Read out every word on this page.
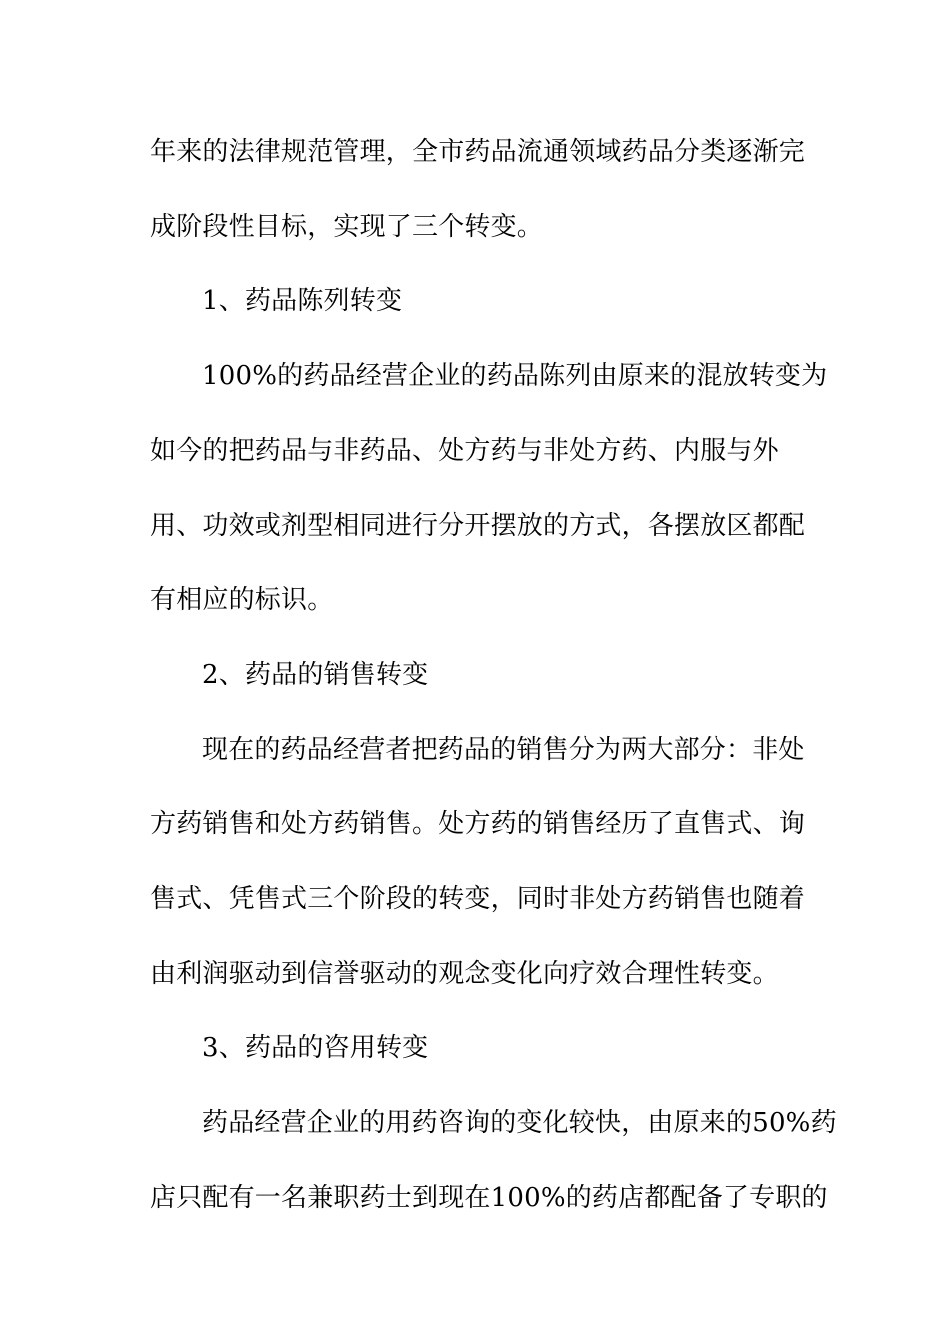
年来的法律规范管理，全市药品流通领域药品分类逐渐完
成阶段性目标，实现了三个转变。
1、药品陈列转变
100%的药品经营企业的药品陈列由原来的混放转变为
如今的把药品与非药品、处方药与非处方药、内服与外
用、功效或剂型相同进行分开摆放的方式，各摆放区都配
有相应的标识。
2、药品的销售转变
现在的药品经营者把药品的销售分为两大部分：非处
方药销售和处方药销售。处方药的销售经历了直售式、询
售式、凭售式三个阶段的转变，同时非处方药销售也随着
由利润驱动到信誉驱动的观念变化向疗效合理性转变。
3、药品的咨用转变
药品经营企业的用药咨询的变化较快，由原来的50%药
店只配有一名兼职药士到现在100%的药店都配备了专职的
